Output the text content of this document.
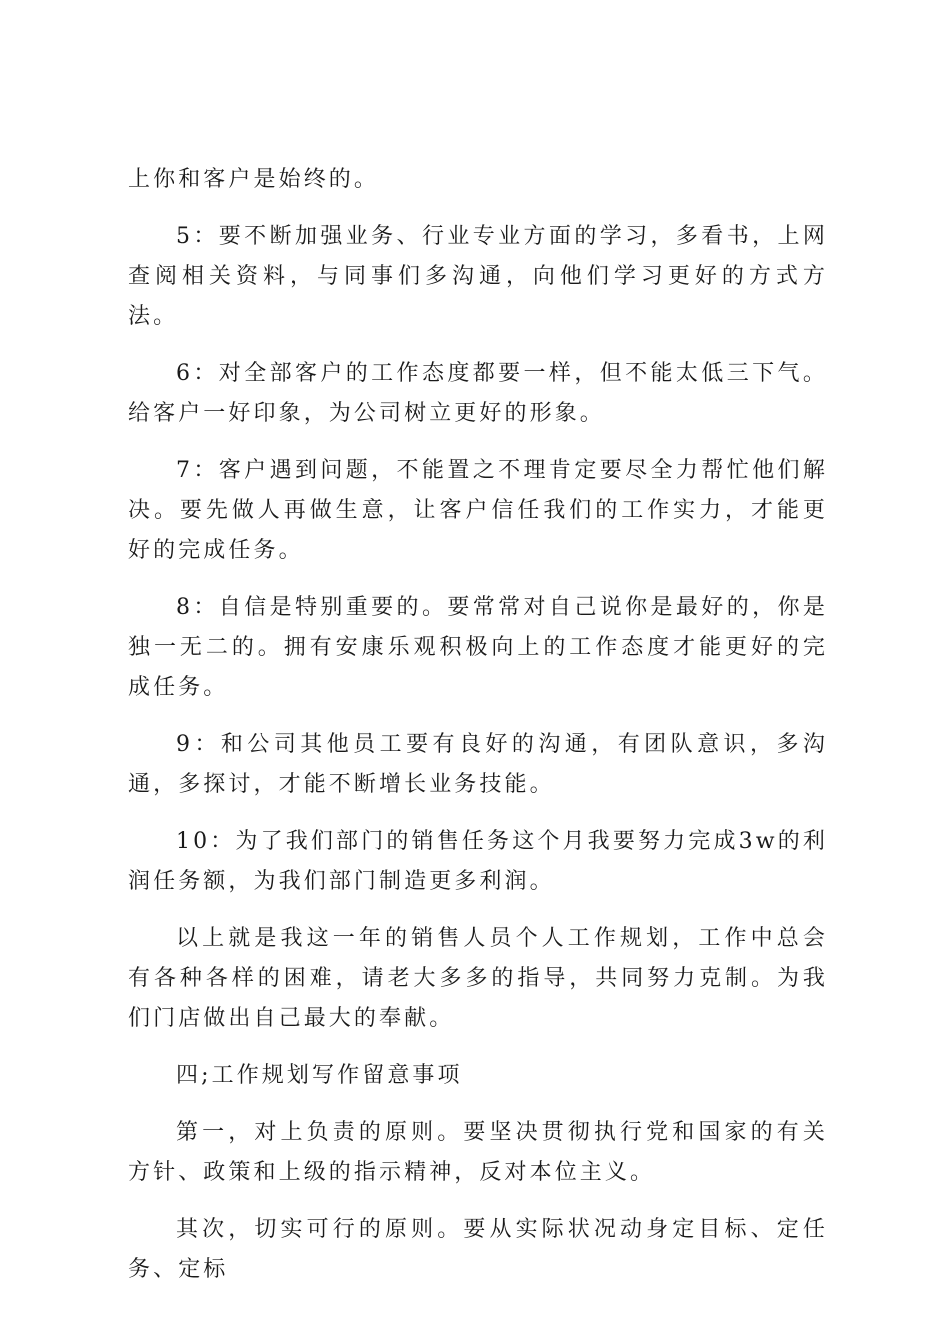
上你和客户是始终的。

5：要不断加强业务、行业专业方面的学习，多看书，上网查阅相关资料，与同事们多沟通，向他们学习更好的方式方法。

6：对全部客户的工作态度都要一样，但不能太低三下气。给客户一好印象，为公司树立更好的形象。

7：客户遇到问题，不能置之不理肯定要尽全力帮忙他们解决。要先做人再做生意，让客户信任我们的工作实力，才能更好的完成任务。

8：自信是特别重要的。要常常对自己说你是最好的，你是独一无二的。拥有安康乐观积极向上的工作态度才能更好的完成任务。

9：和公司其他员工要有良好的沟通，有团队意识，多沟通，多探讨，才能不断增长业务技能。

10：为了我们部门的销售任务这个月我要努力完成3w的利润任务额，为我们部门制造更多利润。

以上就是我这一年的销售人员个人工作规划，工作中总会有各种各样的困难，请老大多多的指导，共同努力克制。为我们门店做出自己最大的奉献。

四;工作规划写作留意事项

第一，对上负责的原则。要坚决贯彻执行党和国家的有关方针、政策和上级的指示精神，反对本位主义。

其次，切实可行的原则。要从实际状况动身定目标、定任务、定标
